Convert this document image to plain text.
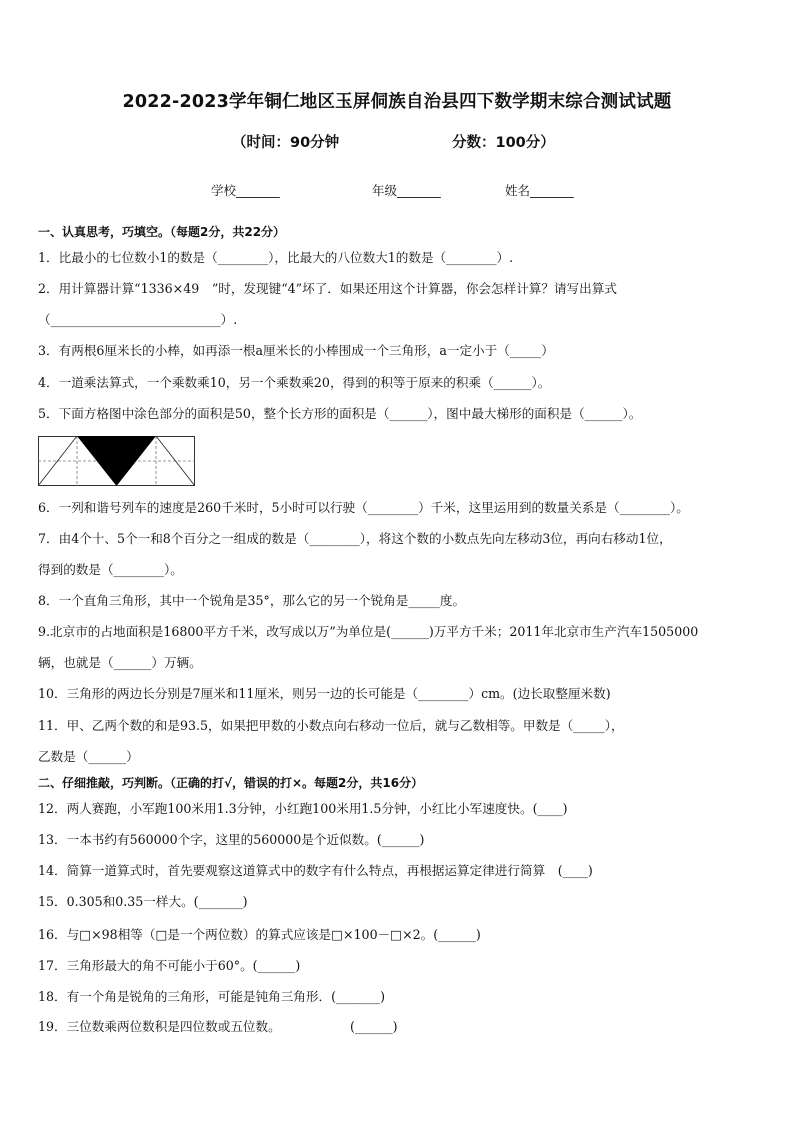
2022-2023学年铜仁地区玉屏侗族自治县四下数学期末综合测试试题
（时间：90分钟	分数：100分）
学校_______	年级_______	姓名_______
一、认真思考，巧填空。（每题2分，共22分）
1．比最小的七位数小1的数是（________），比最大的八位数大1的数是（________）.
2．用计算器计算“1336×49　”时，发现键“4”坏了．如果还用这个计算器，你会怎样计算？请写出算式
（___________________________）.
3．有两根6厘米长的小棒，如再添一根a厘米长的小棒围成一个三角形，a一定小于（_____）
4．一道乘法算式，一个乘数乘10，另一个乘数乘20，得到的积等于原来的积乘（______）。
5．下面方格图中涂色部分的面积是50，整个长方形的面积是（______），图中最大梯形的面积是（______）。
6．一列和谐号列车的速度是260千米时，5小时可以行驶（________）千米，这里运用到的数量关系是（________）。
7．由4个十、5个一和8个百分之一组成的数是（________），将这个数的小数点先向左移动3位，再向右移动1位，
得到的数是（________）。
8．一个直角三角形，其中一个锐角是35°，那么它的另一个锐角是_____度。
9.北京市的占地面积是16800平方千米，改写成以万”为单位是(______)万平方千米；2011年北京市生产汽车1505000
辆，也就是（______）万辆。
10．三角形的两边长分别是7厘米和11厘米，则另一边的长可能是（________）cm。(边长取整厘米数)
11．甲、乙两个数的和是93.5，如果把甲数的小数点向右移动一位后，就与乙数相等。甲数是（_____），
乙数是（______）
二、仔细推敲，巧判断。（正确的打√，错误的打×。每题2分，共16分）
12．两人赛跑，小军跑100米用1.3分钟，小红跑100米用1.5分钟，小红比小军速度快。(____)
13．一本书约有560000个字，这里的560000是个近似数。(______)
14．简算一道算式时，首先要观察这道算式中的数字有什么特点，再根据运算定律进行简算　(____)
15．0.305和0.35一样大。(_______)
16．与□×98相等（□是一个两位数）的算式应该是□×100－□×2。(______)
17．三角形最大的角不可能小于60°。(______)
18．有一个角是锐角的三角形，可能是钝角三角形．(_______)
19．三位数乘两位数积是四位数或五位数。　　　　　　(______)
